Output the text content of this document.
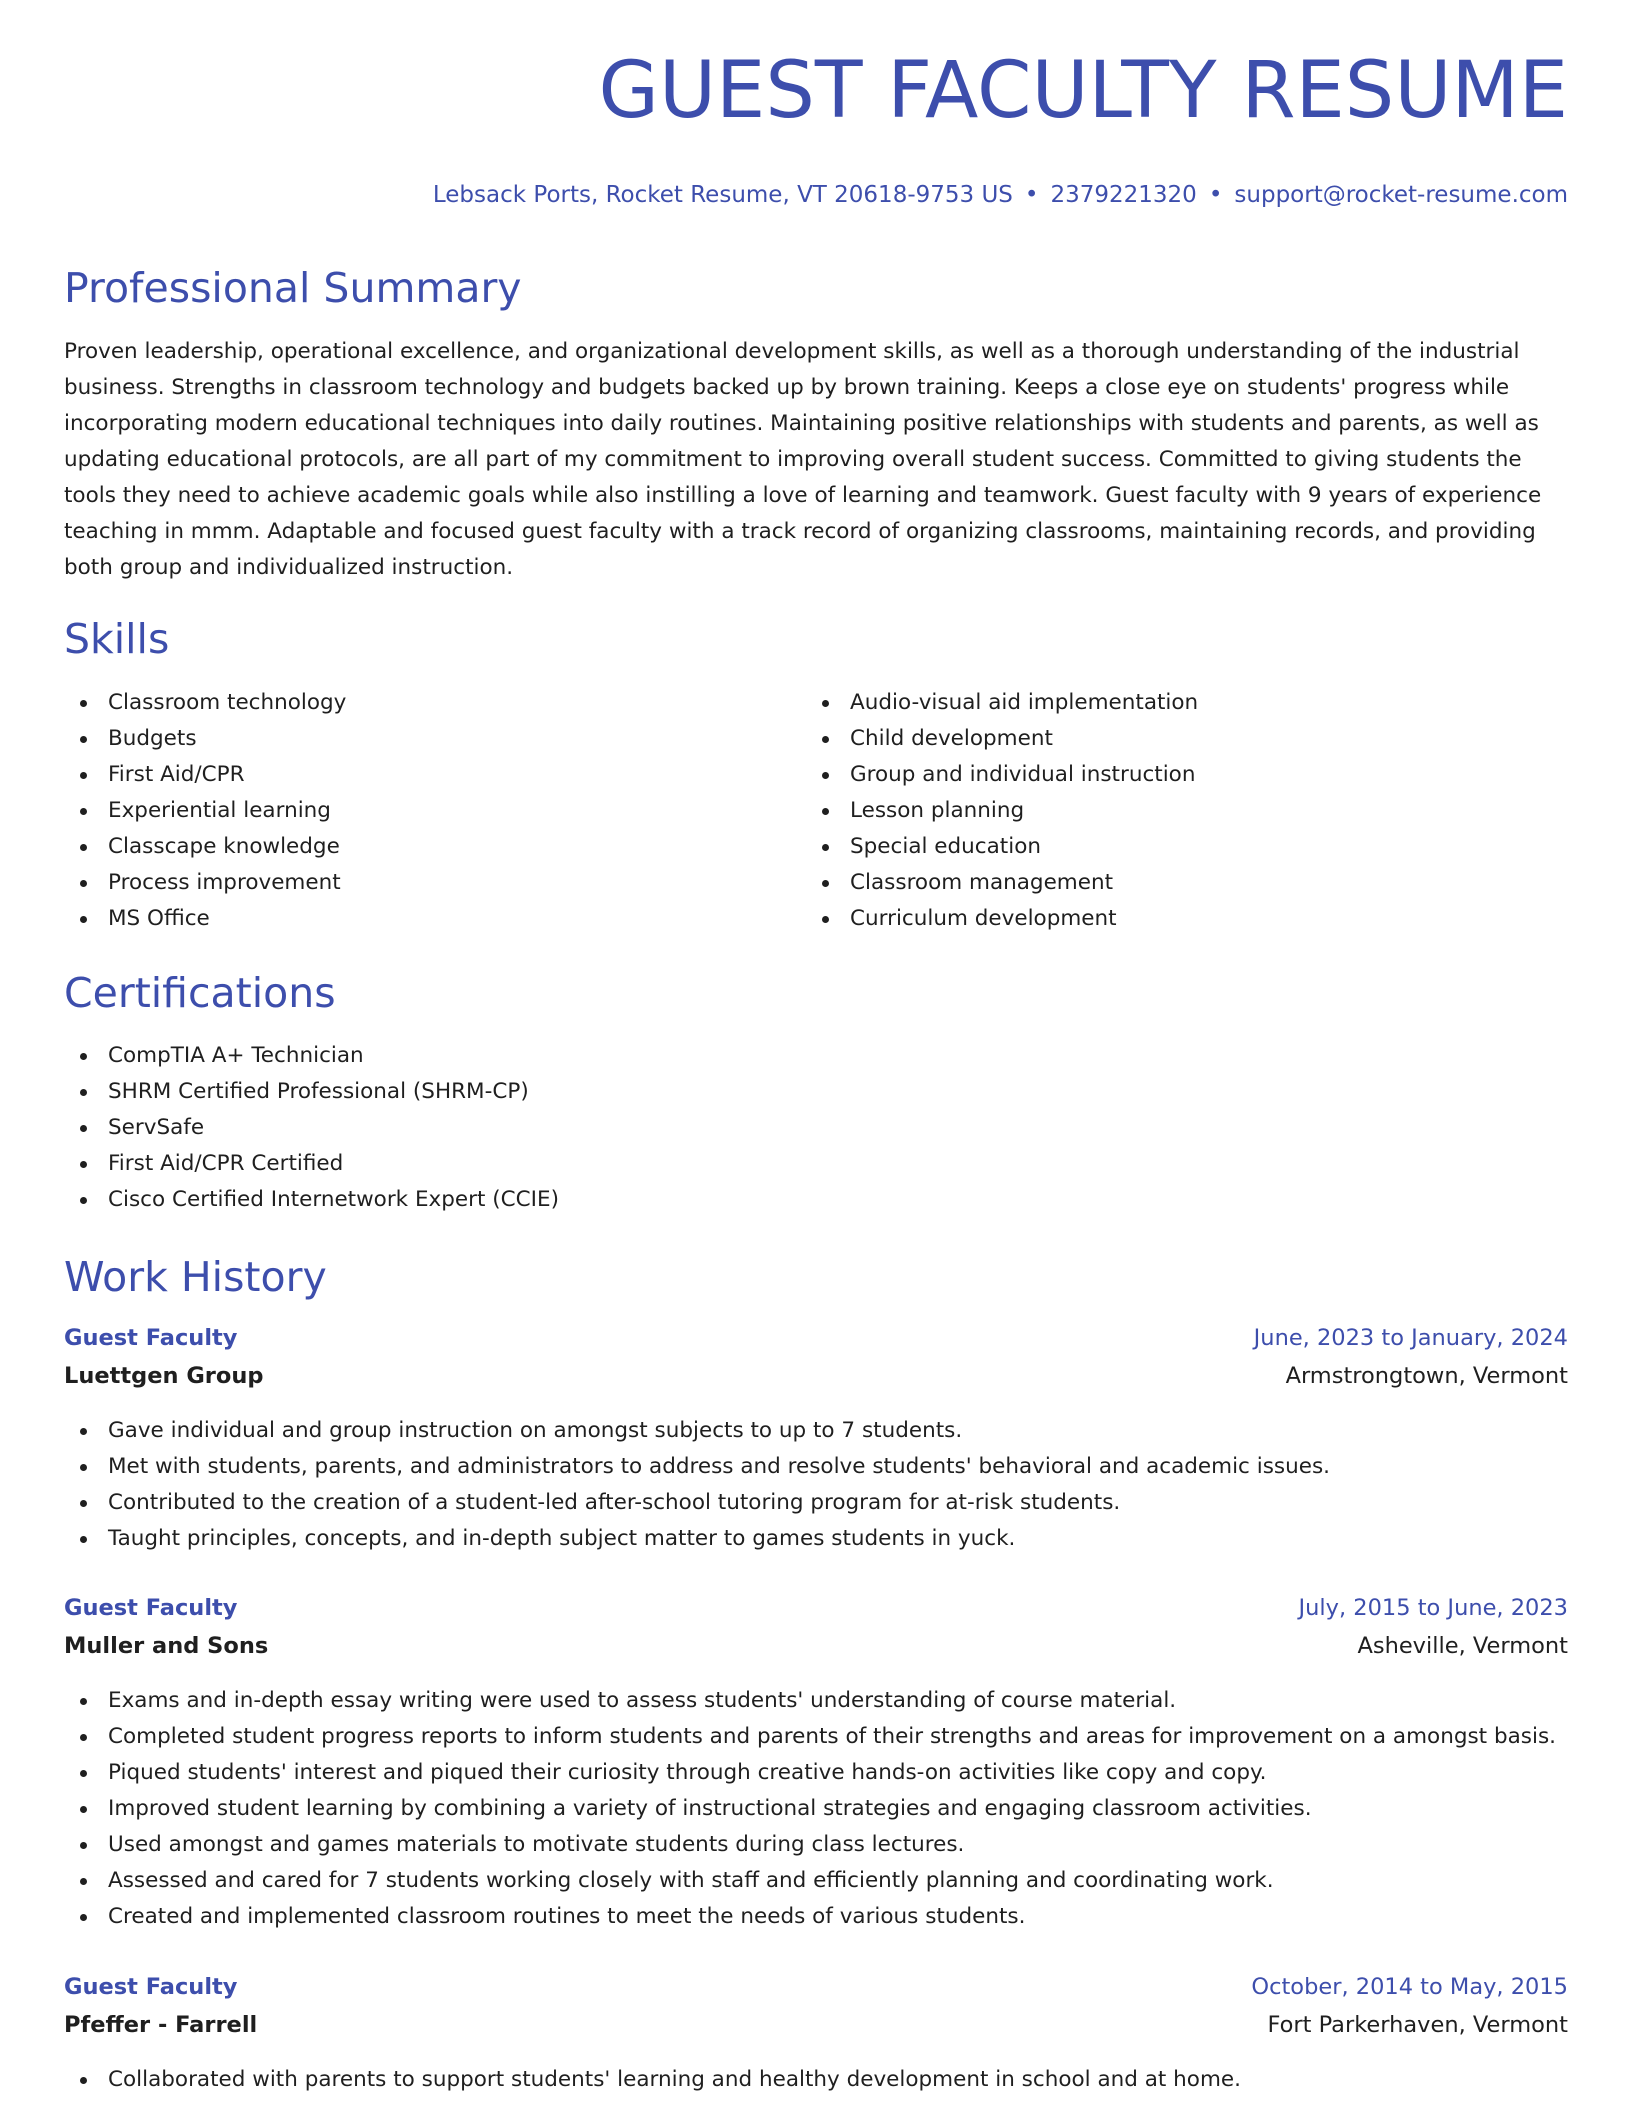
GUEST FACULTY RESUME
Lebsack Ports, Rocket Resume, VT 20618-9753 US • 2379221320 • support@rocket-resume.com
Professional Summary
Proven leadership, operational excellence, and organizational development skills, as well as a thorough understanding of the industrial business. Strengths in classroom technology and budgets backed up by brown training. Keeps a close eye on students' progress while incorporating modern educational techniques into daily routines. Maintaining positive relationships with students and parents, as well as updating educational protocols, are all part of my commitment to improving overall student success. Committed to giving students the tools they need to achieve academic goals while also instilling a love of learning and teamwork. Guest faculty with 9 years of experience teaching in mmm. Adaptable and focused guest faculty with a track record of organizing classrooms, maintaining records, and providing both group and individualized instruction.
Skills
Classroom technology
Budgets
First Aid/CPR
Experiential learning
Classcape knowledge
Process improvement
MS Office
Audio-visual aid implementation
Child development
Group and individual instruction
Lesson planning
Special education
Classroom management
Curriculum development
Certifications
CompTIA A+ Technician
SHRM Certified Professional (SHRM-CP)
ServSafe
First Aid/CPR Certified
Cisco Certified Internetwork Expert (CCIE)
Work History
Guest Faculty	June, 2023 to January, 2024
Luettgen Group	Armstrongtown, Vermont
Gave individual and group instruction on amongst subjects to up to 7 students.
Met with students, parents, and administrators to address and resolve students' behavioral and academic issues.
Contributed to the creation of a student-led after-school tutoring program for at-risk students.
Taught principles, concepts, and in-depth subject matter to games students in yuck.
Guest Faculty	July, 2015 to June, 2023
Muller and Sons	Asheville, Vermont
Exams and in-depth essay writing were used to assess students' understanding of course material.
Completed student progress reports to inform students and parents of their strengths and areas for improvement on a amongst basis.
Piqued students' interest and piqued their curiosity through creative hands-on activities like copy and copy.
Improved student learning by combining a variety of instructional strategies and engaging classroom activities.
Used amongst and games materials to motivate students during class lectures.
Assessed and cared for 7 students working closely with staff and efficiently planning and coordinating work.
Created and implemented classroom routines to meet the needs of various students.
Guest Faculty	October, 2014 to May, 2015
Pfeffer - Farrell	Fort Parkerhaven, Vermont
Collaborated with parents to support students' learning and healthy development in school and at home.
